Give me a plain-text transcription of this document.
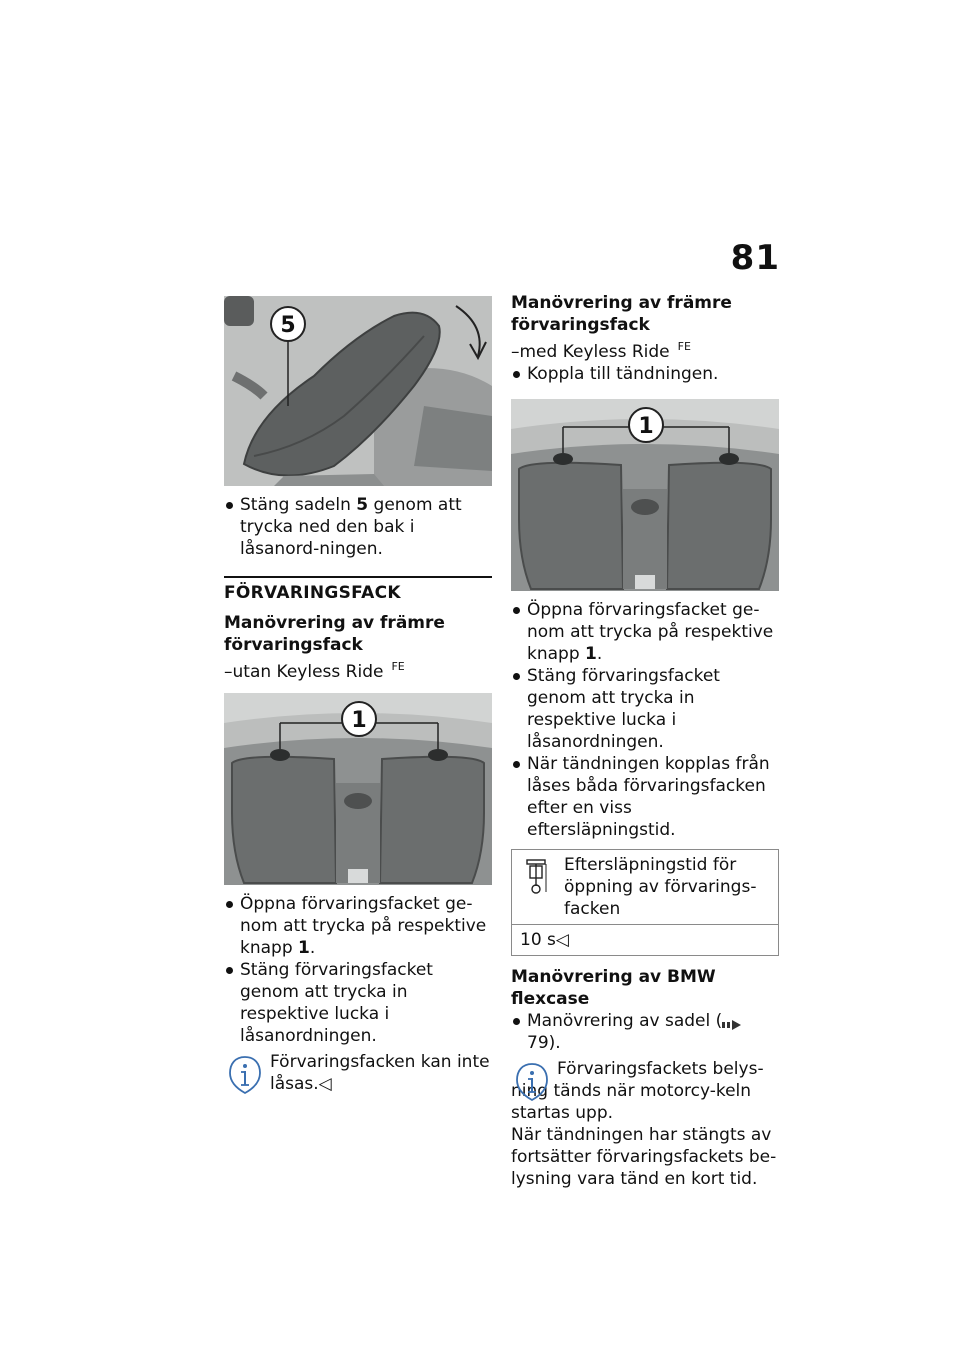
81
5
Stäng sadeln 5 genom att trycka ned den bak i låsanord-ningen.
FÖRVARINGSFACK
Manövrering av främre förvaringsfack
–utan Keyless Ride $^{FE}$
1
Öppna förvaringsfacket ge-nom att trycka på respektive knapp 1.
Stäng förvaringsfacket genom att trycka in respektive lucka i låsanordningen.
Förvaringsfacken kan inte låsas.◁
Manövrering av främre förvaringsfack
–med Keyless Ride $^{FE}$
Koppla till tändningen.
1
Öppna förvaringsfacket ge-nom att trycka på respektive knapp 1.
Stäng förvaringsfacket genom att trycka in respektive lucka i låsanordningen.
När tändningen kopplas från låses båda förvaringsfacken efter en viss eftersläpningstid.
Eftersläpningstid för öppning av förvarings-facken
10 s◁
Manövrering av BMW flexcase
Manövrering av sadel ( 79).
Förvaringsfackets belys-ning tänds när motorcy-keln startas upp.
När tändningen har stängts av fortsätter förvaringsfackets be-lysning vara tänd en kort tid.
